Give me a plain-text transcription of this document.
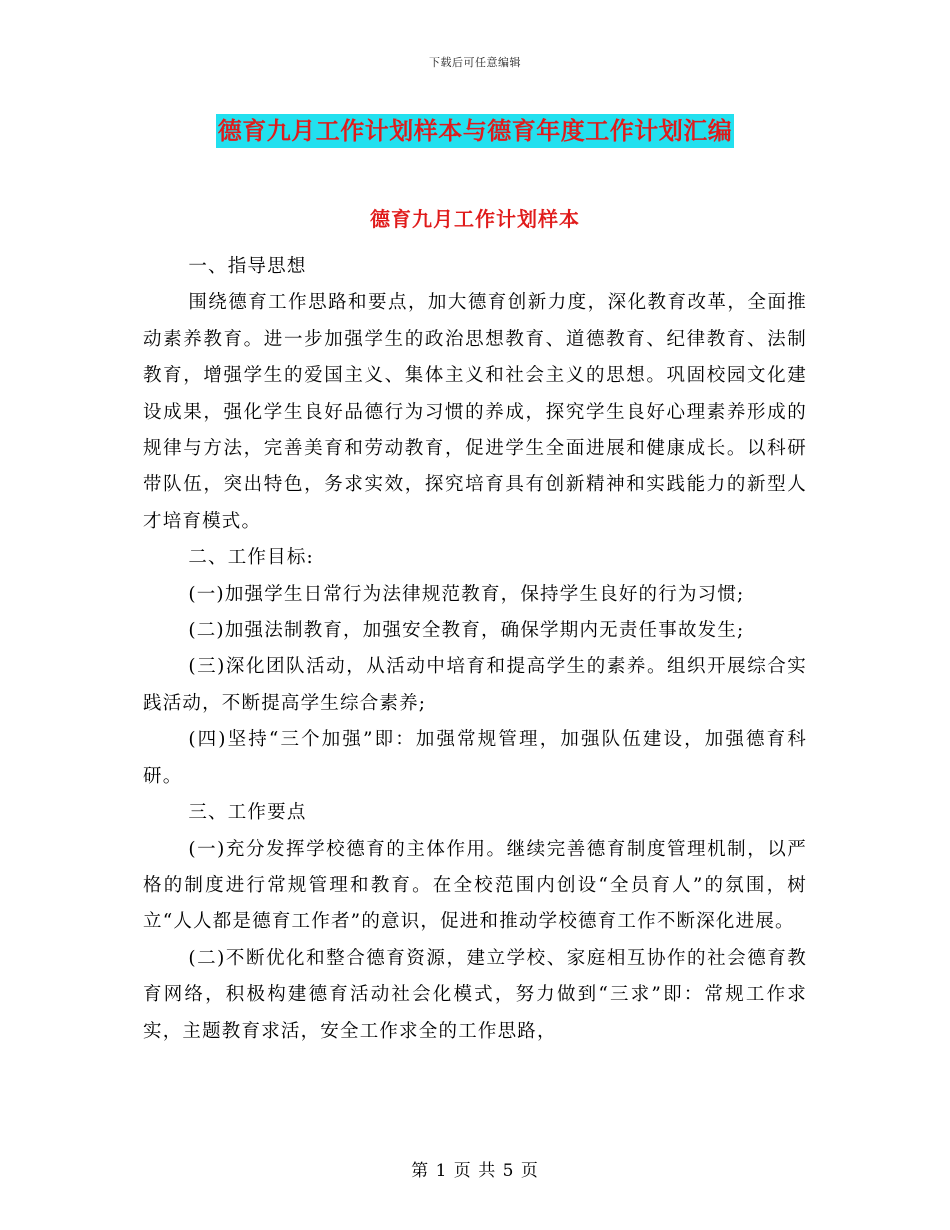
下载后可任意编辑
德育九月工作计划样本与德育年度工作计划汇编
德育九月工作计划样本

一、指导思想

围绕德育工作思路和要点，加大德育创新力度，深化教育改革，全面推动素养教育。进一步加强学生的政治思想教育、道德教育、纪律教育、法制教育，增强学生的爱国主义、集体主义和社会主义的思想。巩固校园文化建设成果，强化学生良好品德行为习惯的养成，探究学生良好心理素养形成的规律与方法，完善美育和劳动教育，促进学生全面进展和健康成长。以科研带队伍，突出特色，务求实效，探究培育具有创新精神和实践能力的新型人才培育模式。

二、工作目标:

(一)加强学生日常行为法律规范教育，保持学生良好的行为习惯;

(二)加强法制教育，加强安全教育，确保学期内无责任事故发生;

(三)深化团队活动，从活动中培育和提高学生的素养。组织开展综合实践活动，不断提高学生综合素养;

(四)坚持“三个加强”即：加强常规管理，加强队伍建设，加强德育科研。

三、工作要点

(一)充分发挥学校德育的主体作用。继续完善德育制度管理机制，以严格的制度进行常规管理和教育。在全校范围内创设“全员育人”的氛围，树立“人人都是德育工作者”的意识，促进和推动学校德育工作不断深化进展。

(二)不断优化和整合德育资源，建立学校、家庭相互协作的社会德育教育网络，积极构建德育活动社会化模式，努力做到“三求”即：常规工作求实，主题教育求活，安全工作求全的工作思路，

第 1 页 共 5 页
